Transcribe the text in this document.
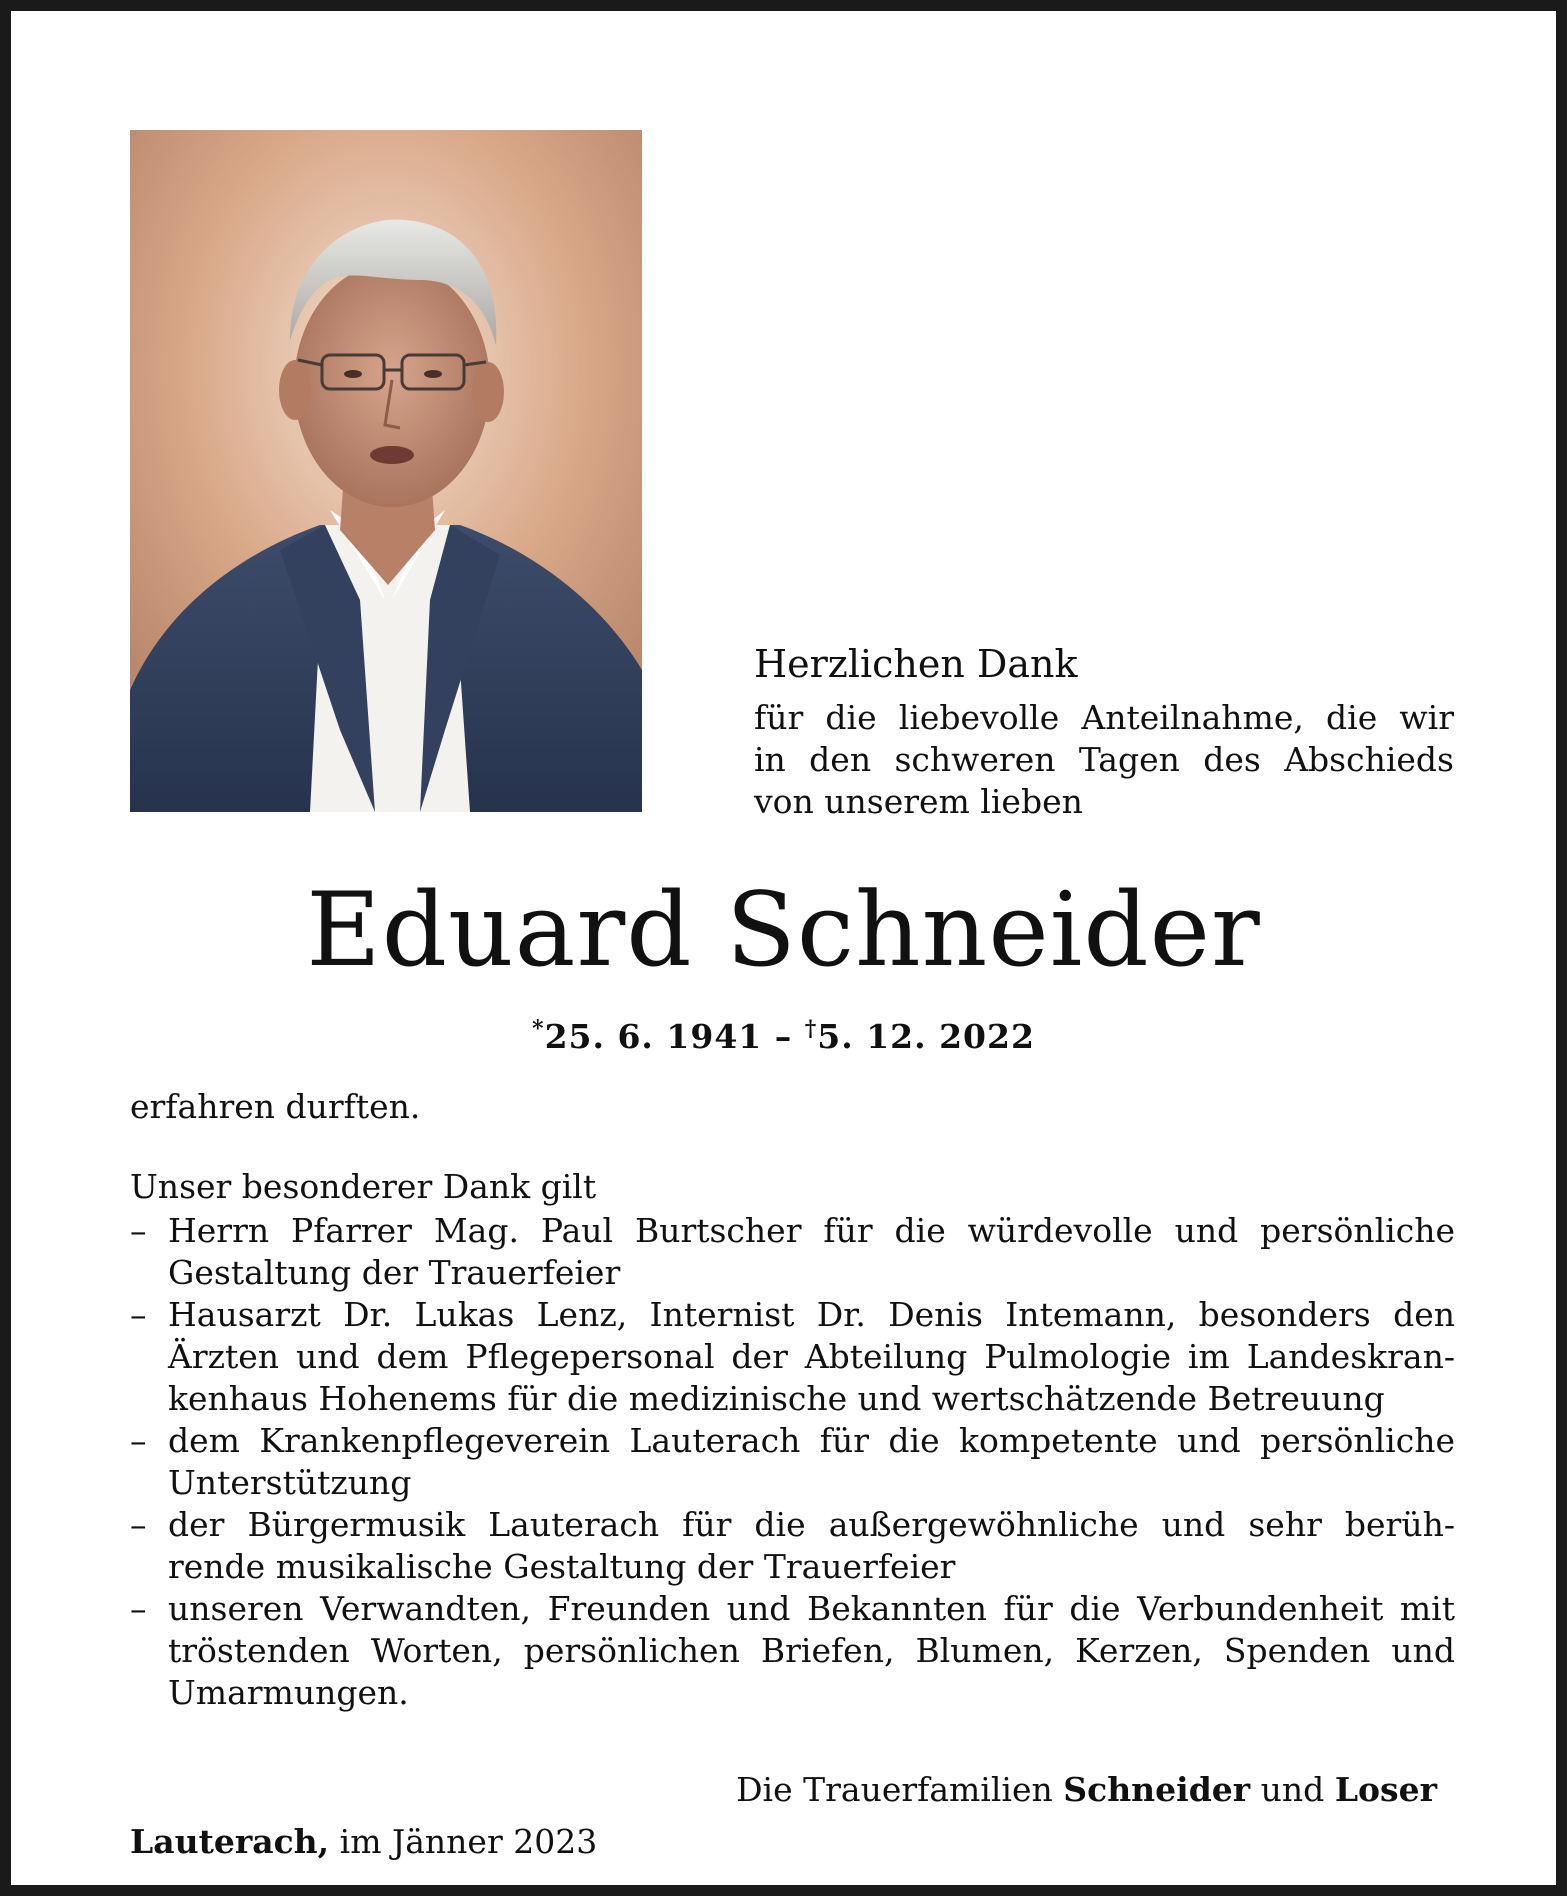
Herzlichen Dank
für die liebevolle Anteilnahme, die wir
in den schweren Tagen des Abschieds
von unserem lieben
Eduard Schneider
*25. 6. 1941 – †5. 12. 2022

erfahren durften.

Unser besonderer Dank gilt

– Herrn Pfarrer Mag. Paul Burtscher für die würdevolle und persönliche
Gestaltung der Trauerfeier
– Hausarzt Dr. Lukas Lenz, Internist Dr. Denis Intemann, besonders den
Ärzten und dem Pflegepersonal der Abteilung Pulmologie im Landeskran-
kenhaus Hohenems für die medizinische und wertschätzende Betreuung
– dem Krankenpflegeverein Lauterach für die kompetente und persönliche
Unterstützung
– der Bürgermusik Lauterach für die außergewöhnliche und sehr berüh-
rende musikalische Gestaltung der Trauerfeier
– unseren Verwandten, Freunden und Bekannten für die Verbundenheit mit
tröstenden Worten, persönlichen Briefen, Blumen, Kerzen, Spenden und
Umarmungen.
Die Trauerfamilien Schneider und Loser
Lauterach, im Jänner 2023
